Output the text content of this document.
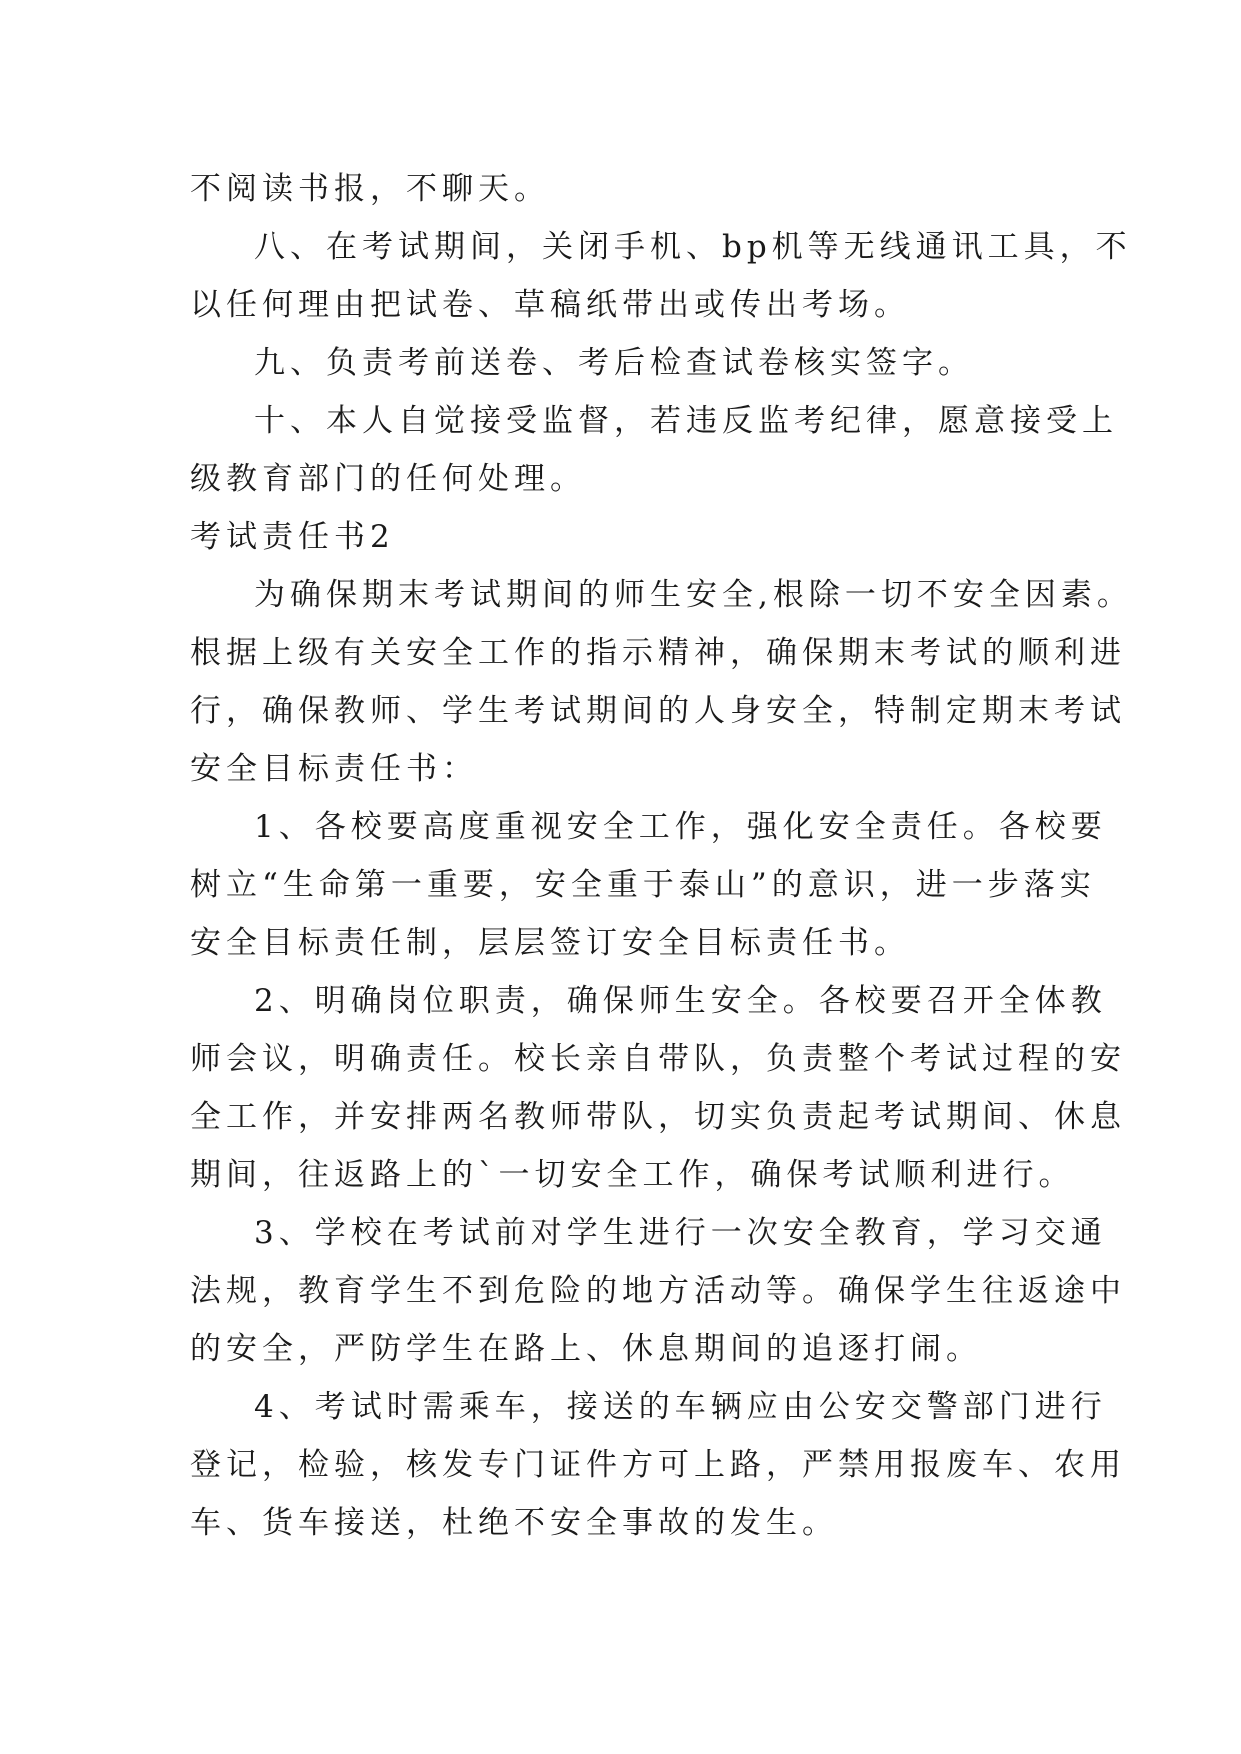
不阅读书报，不聊天。
八、在考试期间，关闭手机、bp机等无线通讯工具，不
以任何理由把试卷、草稿纸带出或传出考场。
九、负责考前送卷、考后检查试卷核实签字。
十、本人自觉接受监督，若违反监考纪律，愿意接受上
级教育部门的任何处理。
考试责任书2
为确保期末考试期间的师生安全,根除一切不安全因素。
根据上级有关安全工作的指示精神，确保期末考试的顺利进
行，确保教师、学生考试期间的人身安全，特制定期末考试
安全目标责任书：
1、各校要高度重视安全工作，强化安全责任。各校要
树立“生命第一重要，安全重于泰山”的意识，进一步落实
安全目标责任制，层层签订安全目标责任书。
2、明确岗位职责，确保师生安全。各校要召开全体教
师会议，明确责任。校长亲自带队，负责整个考试过程的安
全工作，并安排两名教师带队，切实负责起考试期间、休息
期间，往返路上的`一切安全工作，确保考试顺利进行。
3、学校在考试前对学生进行一次安全教育，学习交通
法规，教育学生不到危险的地方活动等。确保学生往返途中
的安全，严防学生在路上、休息期间的追逐打闹。
4、考试时需乘车，接送的车辆应由公安交警部门进行
登记，检验，核发专门证件方可上路，严禁用报废车、农用
车、货车接送，杜绝不安全事故的发生。
